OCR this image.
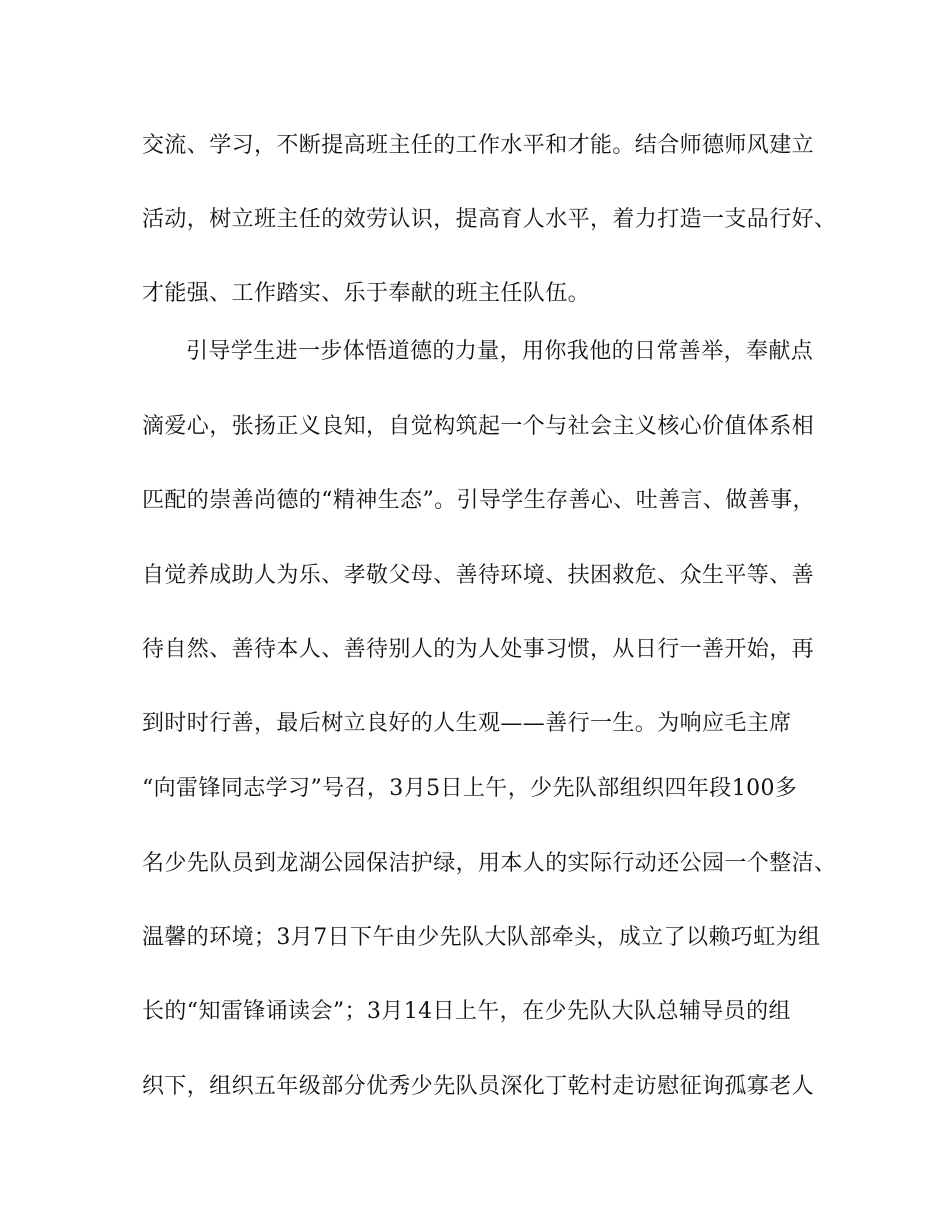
交流、学习，不断提高班主任的工作水平和才能。结合师德师风建立
活动，树立班主任的效劳认识，提高育人水平，着力打造一支品行好、
才能强、工作踏实、乐于奉献的班主任队伍。
引导学生进一步体悟道德的力量，用你我他的日常善举，奉献点
滴爱心，张扬正义良知，自觉构筑起一个与社会主义核心价值体系相
匹配的崇善尚德的“精神生态”。引导学生存善心、吐善言、做善事，
自觉养成助人为乐、孝敬父母、善待环境、扶困救危、众生平等、善
待自然、善待本人、善待别人的为人处事习惯，从日行一善开始，再
到时时行善，最后树立良好的人生观——善行一生。为响应毛主席
“向雷锋同志学习”号召，3月5日上午，少先队部组织四年段100多
名少先队员到龙湖公园保洁护绿，用本人的实际行动还公园一个整洁、
温馨的环境；3月7日下午由少先队大队部牵头，成立了以赖巧虹为组
长的“知雷锋诵读会”；3月14日上午，在少先队大队总辅导员的组
织下，组织五年级部分优秀少先队员深化丁乾村走访慰征询孤寡老人
